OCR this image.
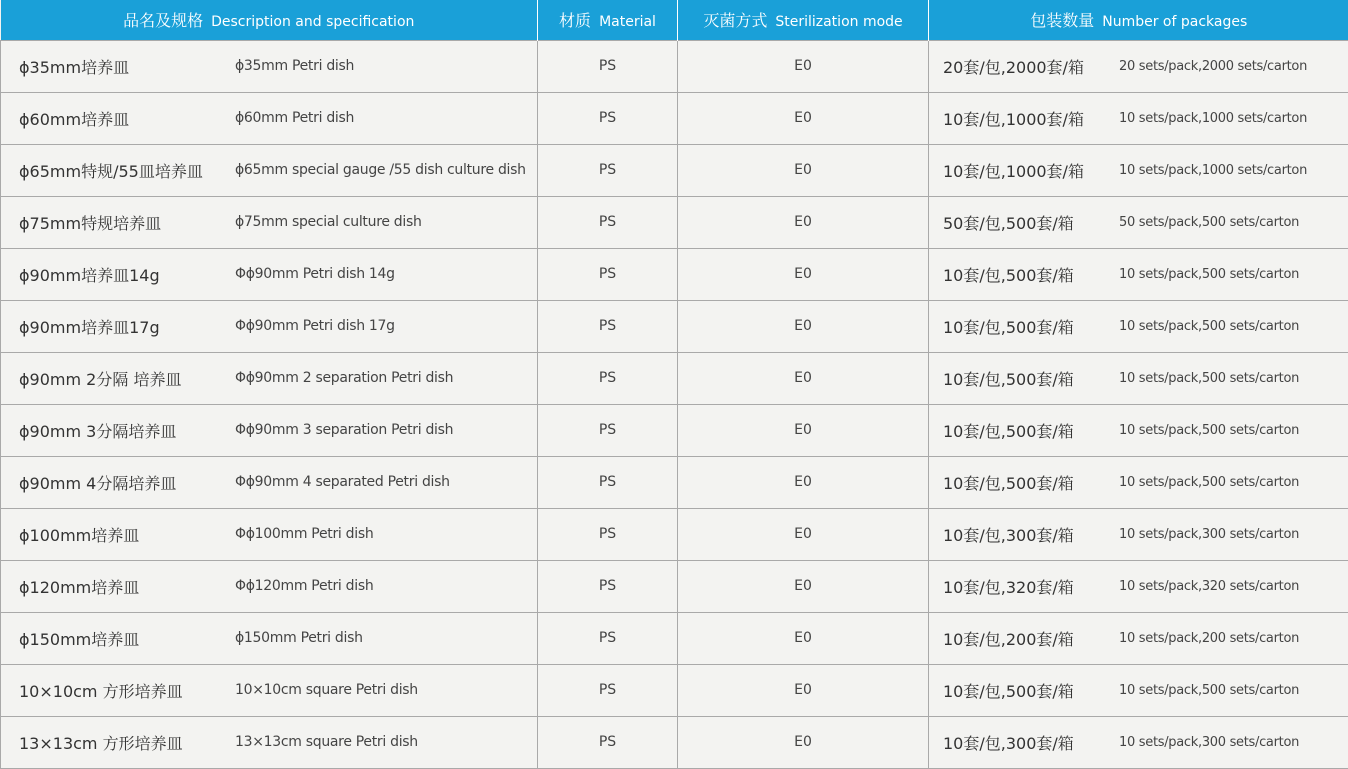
品名及规格 Description and specification	材质 Material	灭菌方式 Sterilization mode	包装数量 Number of packages

ϕ35mm培养皿 ϕ35mm Petri dish	PS	E0	20套/包,2000套/箱 20 sets/pack,2000 sets/carton

ϕ60mm培养皿 ϕ60mm Petri dish	PS	E0	10套/包,1000套/箱 10 sets/pack,1000 sets/carton

ϕ65mm特规/55皿培养皿 ϕ65mm special gauge /55 dish culture dish	PS	E0	10套/包,1000套/箱 10 sets/pack,1000 sets/carton

ϕ75mm特规培养皿 ϕ75mm special culture dish	PS	E0	50套/包,500套/箱 50 sets/pack,500 sets/carton

ϕ90mm培养皿14g Φϕ90mm Petri dish 14g	PS	E0	10套/包,500套/箱 10 sets/pack,500 sets/carton

ϕ90mm培养皿17g Φϕ90mm Petri dish 17g	PS	E0	10套/包,500套/箱 10 sets/pack,500 sets/carton

ϕ90mm 2分隔 培养皿 Φϕ90mm 2 separation Petri dish	PS	E0	10套/包,500套/箱 10 sets/pack,500 sets/carton

ϕ90mm 3分隔培养皿 Φϕ90mm 3 separation Petri dish	PS	E0	10套/包,500套/箱 10 sets/pack,500 sets/carton

ϕ90mm 4分隔培养皿 Φϕ90mm 4 separated Petri dish	PS	E0	10套/包,500套/箱 10 sets/pack,500 sets/carton

ϕ100mm培养皿 Φϕ100mm Petri dish	PS	E0	10套/包,300套/箱 10 sets/pack,300 sets/carton

ϕ120mm培养皿 Φϕ120mm Petri dish	PS	E0	10套/包,320套/箱 10 sets/pack,320 sets/carton

ϕ150mm培养皿 ϕ150mm Petri dish	PS	E0	10套/包,200套/箱 10 sets/pack,200 sets/carton

10×10cm 方形培养皿 10×10cm square Petri dish	PS	E0	10套/包,500套/箱 10 sets/pack,500 sets/carton

13×13cm 方形培养皿 13×13cm square Petri dish	PS	E0	10套/包,300套/箱 10 sets/pack,300 sets/carton
